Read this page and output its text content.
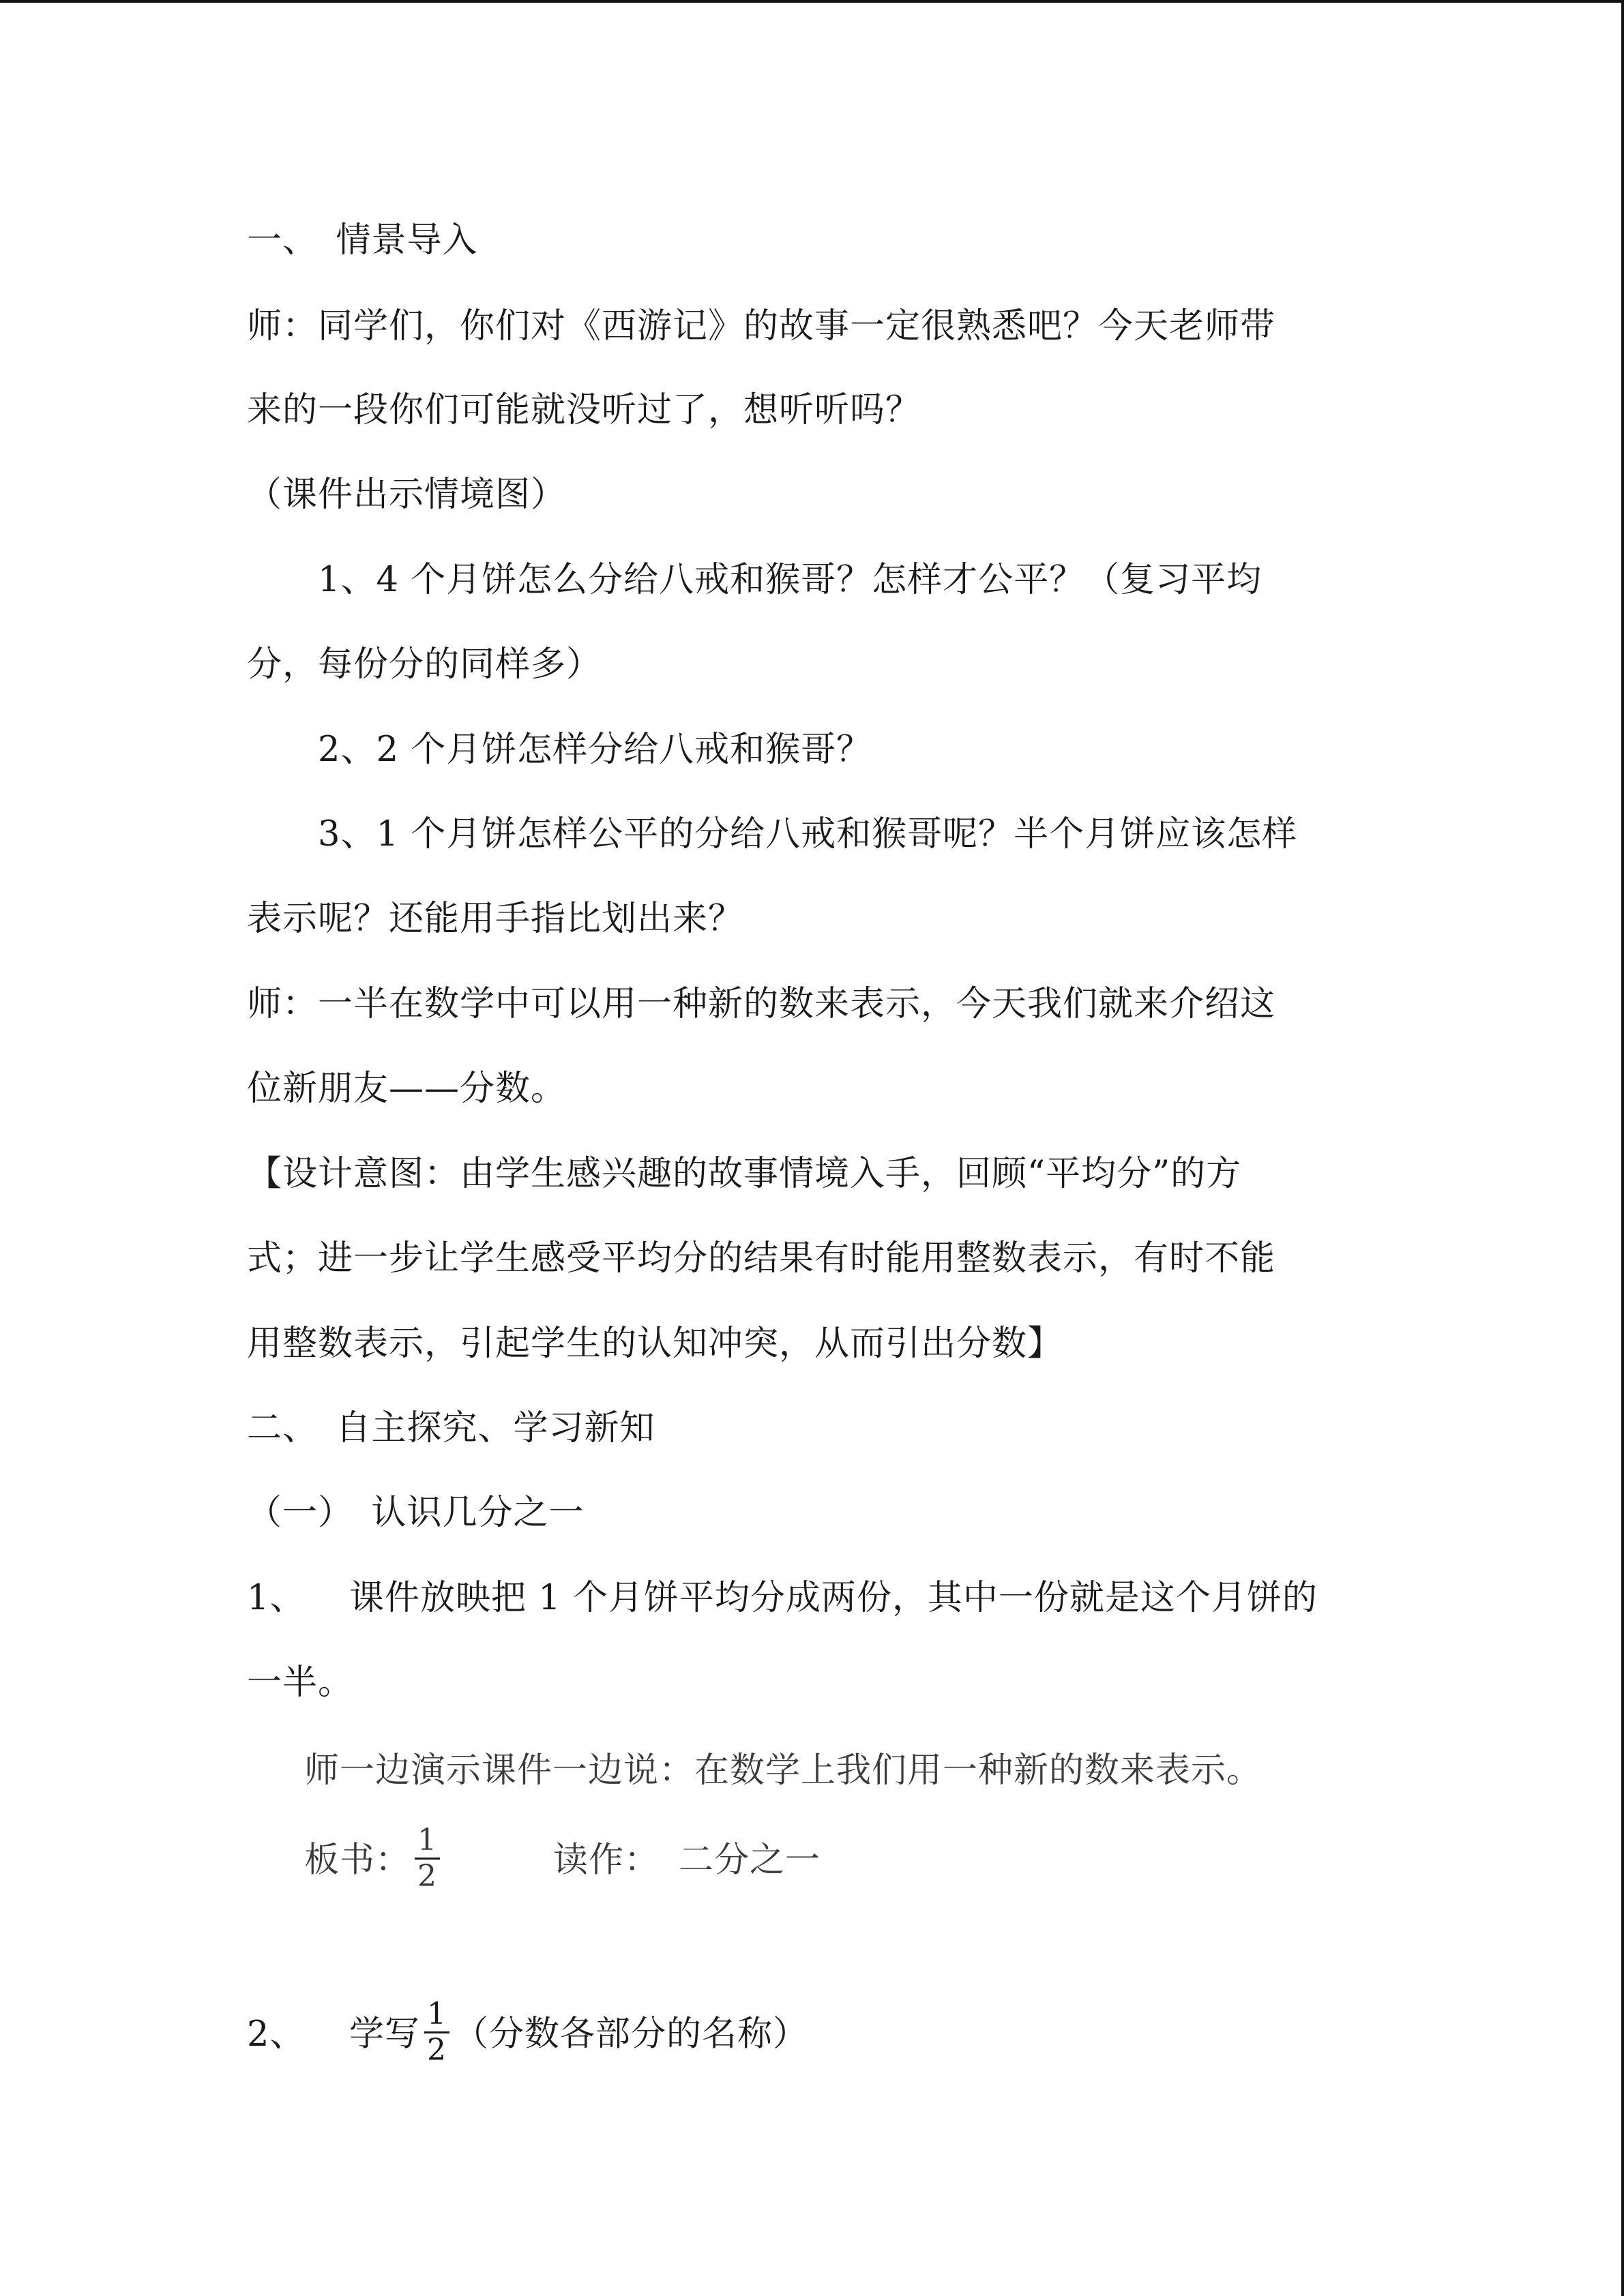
一、　情景导入
师：同学们，你们对《西游记》的故事一定很熟悉吧？今天老师带
来的一段你们可能就没听过了，想听听吗？
（课件出示情境图）
1、4 个月饼怎么分给八戒和猴哥？怎样才公平？（复习平均
分，每份分的同样多）
2、2 个月饼怎样分给八戒和猴哥？
3、1 个月饼怎样公平的分给八戒和猴哥呢？半个月饼应该怎样
表示呢？还能用手指比划出来？
师：一半在数学中可以用一种新的数来表示，今天我们就来介绍这
位新朋友——分数。
【设计意图：由学生感兴趣的故事情境入手，回顾“平均分”的方
式；进一步让学生感受平均分的结果有时能用整数表示，有时不能
用整数表示，引起学生的认知冲突，从而引出分数】
二、　自主探究、学习新知
（一）　认识几分之一
1、 课件放映把 1 个月饼平均分成两份，其中一份就是这个月饼的
一半。
师一边演示课件一边说：在数学上我们用一种新的数来表示。
板书： $\frac{1}{2}$	读作： 二分之一
2、 学写 $\frac{1}{2}$ （分数各部分的名称）
